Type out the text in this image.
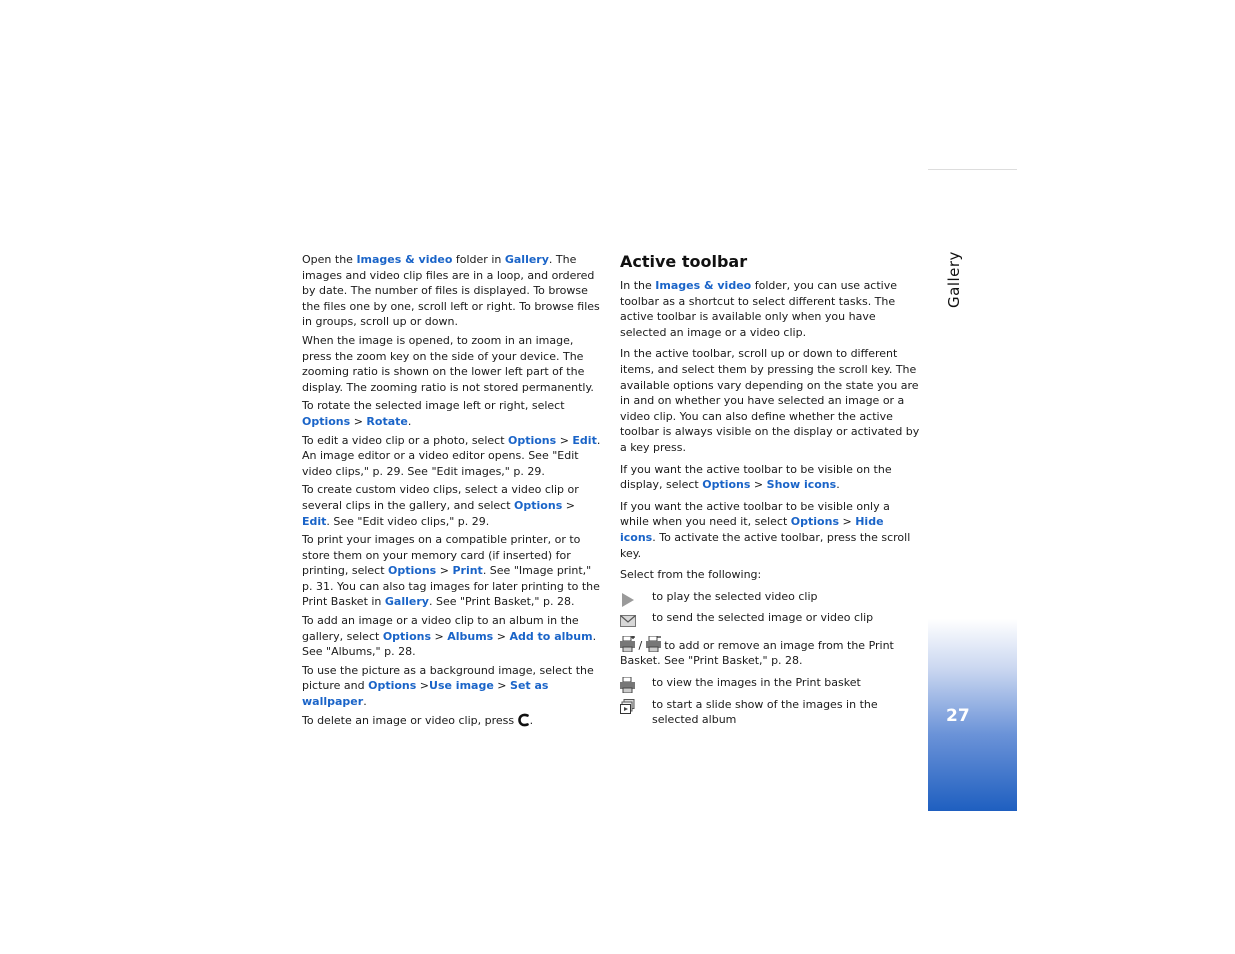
Open the Images & video folder in Gallery. The images and video clip files are in a loop, and ordered by date. The number of files is displayed. To browse the files one by one, scroll left or right. To browse files in groups, scroll up or down.

When the image is opened, to zoom in an image, press the zoom key on the side of your device. The zooming ratio is shown on the lower left part of the display. The zooming ratio is not stored permanently.

To rotate the selected image left or right, select Options > Rotate.

To edit a video clip or a photo, select Options > Edit. An image editor or a video editor opens. See "Edit video clips," p. 29. See "Edit images," p. 29.

To create custom video clips, select a video clip or several clips in the gallery, and select Options > Edit. See "Edit video clips," p. 29.

To print your images on a compatible printer, or to store them on your memory card (if inserted) for printing, select Options > Print. See "Image print," p. 31. You can also tag images for later printing to the Print Basket in Gallery. See "Print Basket," p. 28.

To add an image or a video clip to an album in the gallery, select Options > Albums > Add to album. See "Albums," p. 28.

To use the picture as a background image, select the picture and Options >Use image > Set as wallpaper.

To delete an image or video clip, press .

Active toolbar

In the Images & video folder, you can use active toolbar as a shortcut to select different tasks. The active toolbar is available only when you have selected an image or a video clip.

In the active toolbar, scroll up or down to different items, and select them by pressing the scroll key. The available options vary depending on the state you are in and on whether you have selected an image or a video clip. You can also define whether the active toolbar is always visible on the display or activated by a key press.

If you want the active toolbar to be visible on the display, select Options > Show icons.

If you want the active toolbar to be visible only a while when you need it, select Options > Hide icons. To activate the active toolbar, press the scroll key.

Select from the following:

to play the selected video clip
to send the selected image or video clip
/  to add or remove an image from the Print Basket. See "Print Basket," p. 28.
to view the images in the Print basket
to start a slide show of the images in the selected album
Gallery
27
